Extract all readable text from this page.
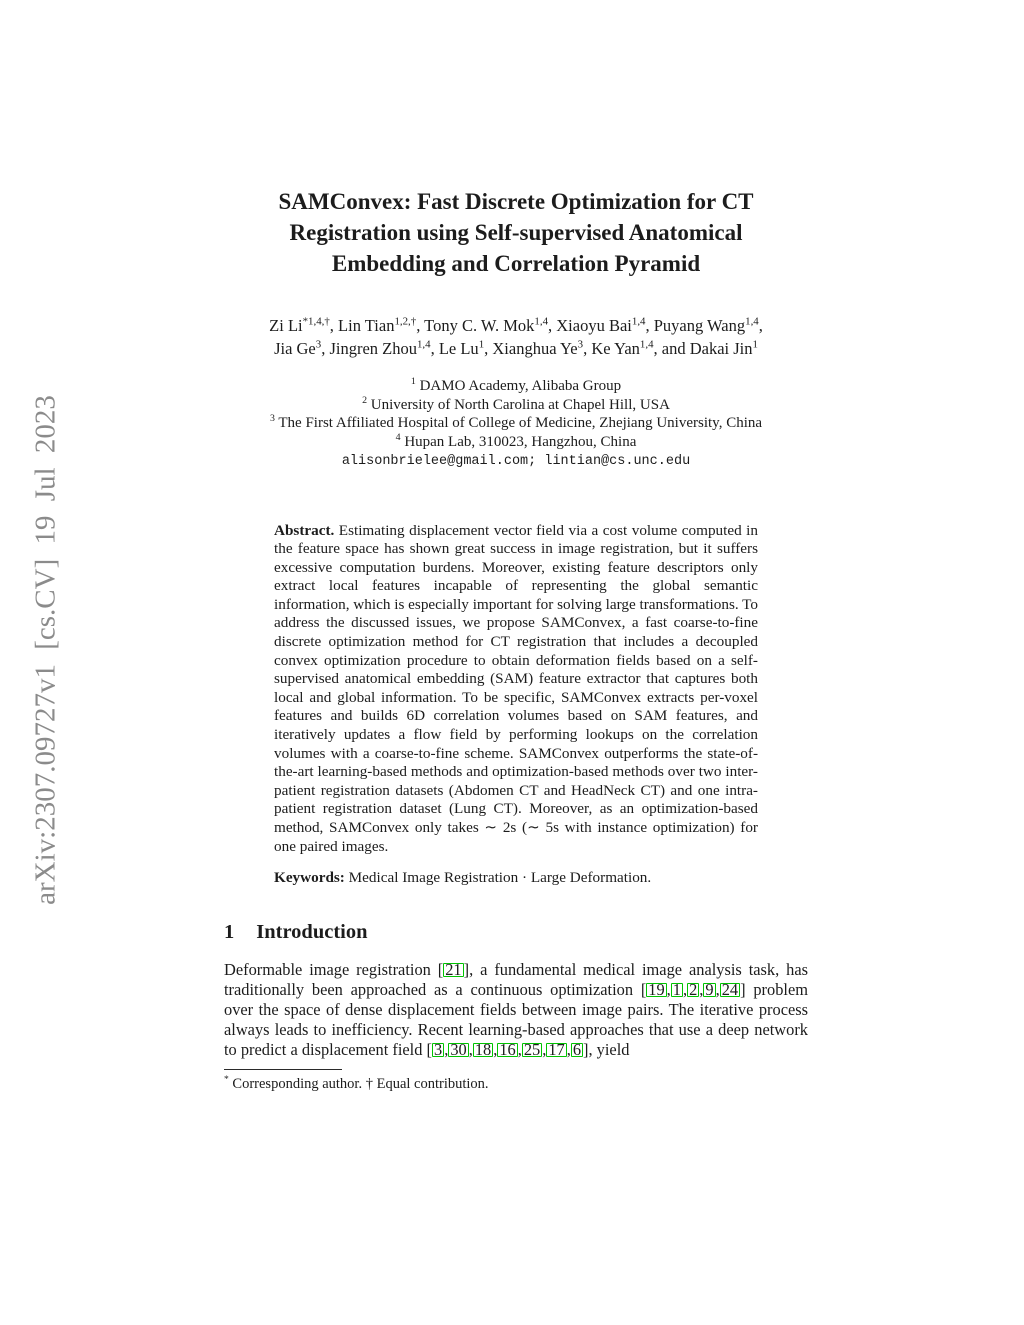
arXiv:2307.09727v1 [cs.CV] 19 Jul 2023
SAMConvex: Fast Discrete Optimization for CT
Registration using Self-supervised Anatomical
Embedding and Correlation Pyramid
Zi $Li^{*1,4,\dagger}$, Lin Tian$^{1,2,\dagger}$, Tony C. W. Mok$^{1,4}$, Xiaoyu Bai$^{1,4}$, Puyang Wang$^{1,4}$,
Jia Ge$^3$, Jingren Zhou$^{1,4}$, Le Lu$^1$, Xianghua Ye$^3$, Ke Yan$^{1,4}$, and Dakai Jin$^1$
$^1$ DAMO Academy, Alibaba Group
$^2$ University of North Carolina at Chapel Hill, USA
$^3$ The First Affiliated Hospital of College of Medicine, Zhejiang University, China
$^4$ Hupan Lab, 310023, Hangzhou, China
alisonbrielee@gmail.com; lintian@cs.unc.edu
Abstract. Estimating displacement vector field via a cost volume computed in the feature space has shown great success in image registration, but it suffers excessive computation burdens. Moreover, existing feature descriptors only extract local features incapable of representing the global semantic information, which is especially important for solving large transformations. To address the discussed issues, we propose SAMConvex, a fast coarse-to-fine discrete optimization method for CT registration that includes a decoupled convex optimization procedure to obtain deformation fields based on a self-supervised anatomical embedding (SAM) feature extractor that captures both local and global information. To be specific, SAMConvex extracts per-voxel features and builds 6D correlation volumes based on SAM features, and iteratively updates a flow field by performing lookups on the correlation volumes with a coarse-to-fine scheme. SAMConvex outperforms the state-of-the-art learning-based methods and optimization-based methods over two inter-patient registration datasets (Abdomen CT and HeadNeck CT) and one intra-patient registration dataset (Lung CT). Moreover, as an optimization-based method, SAMConvex only takes ∼ 2s (∼ 5s with instance optimization) for one paired images.
Keywords: Medical Image Registration · Large Deformation.
1 Introduction
Deformable image registration [ 21 ], a fundamental medical image analysis task, has traditionally been approached as a continuous optimization [ 19 , 1 , 2 , 9 , 24 ] problem over the space of dense displacement fields between image pairs. The iterative process always leads to inefficiency. Recent learning-based approaches that use a deep network to predict a displacement field [ 3 , 30 , 18 , 16 , 25 , 17 , 6 ], yield
* Corresponding author. † Equal contribution.
